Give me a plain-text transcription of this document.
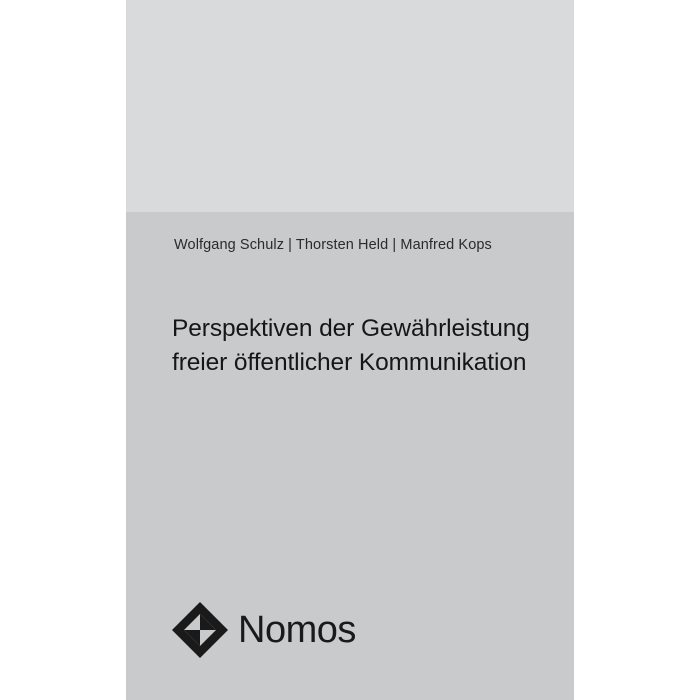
Wolfgang Schulz | Thorsten Held | Manfred Kops
Perspektiven der Gewährleistung freier öffentlicher Kommunikation
Nomos
